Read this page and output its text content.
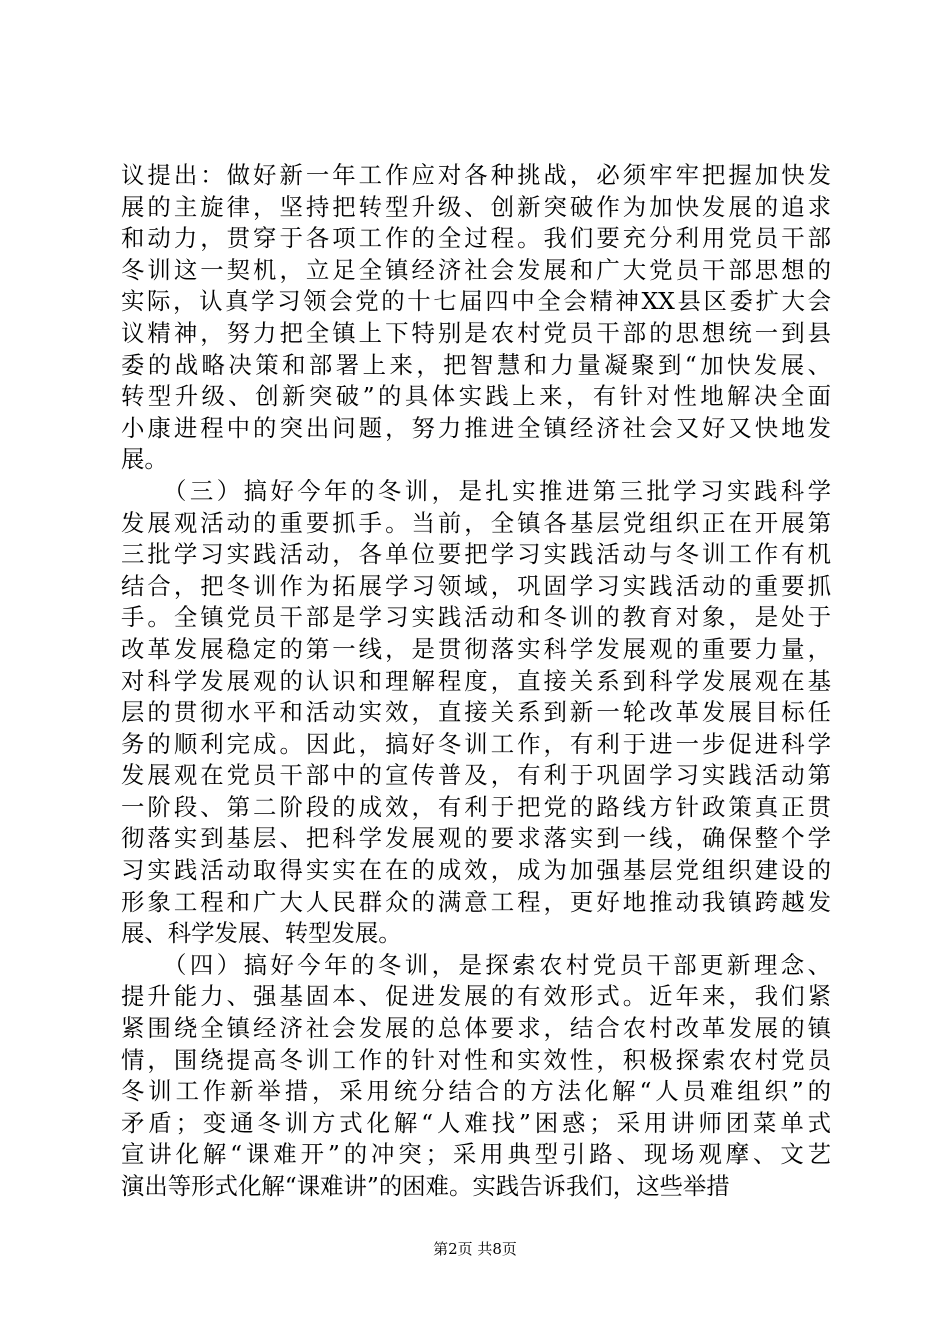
议提出：做好新一年工作应对各种挑战，必须牢牢把握加快发
展的主旋律，坚持把转型升级、创新突破作为加快发展的追求
和动力，贯穿于各项工作的全过程。我们要充分利用党员干部
冬训这一契机，立足全镇经济社会发展和广大党员干部思想的
实际，认真学习领会党的十七届四中全会精神XX县区委扩大会
议精神，努力把全镇上下特别是农村党员干部的思想统一到县
委的战略决策和部署上来，把智慧和力量凝聚到“加快发展、
转型升级、创新突破”的具体实践上来，有针对性地解决全面
小康进程中的突出问题，努力推进全镇经济社会又好又快地发
展。
　　（三）搞好今年的冬训，是扎实推进第三批学习实践科学
发展观活动的重要抓手。当前，全镇各基层党组织正在开展第
三批学习实践活动，各单位要把学习实践活动与冬训工作有机
结合，把冬训作为拓展学习领域，巩固学习实践活动的重要抓
手。全镇党员干部是学习实践活动和冬训的教育对象，是处于
改革发展稳定的第一线，是贯彻落实科学发展观的重要力量，
对科学发展观的认识和理解程度，直接关系到科学发展观在基
层的贯彻水平和活动实效，直接关系到新一轮改革发展目标任
务的顺利完成。因此，搞好冬训工作，有利于进一步促进科学
发展观在党员干部中的宣传普及，有利于巩固学习实践活动第
一阶段、第二阶段的成效，有利于把党的路线方针政策真正贯
彻落实到基层、把科学发展观的要求落实到一线，确保整个学
习实践活动取得实实在在的成效，成为加强基层党组织建设的
形象工程和广大人民群众的满意工程，更好地推动我镇跨越发
展、科学发展、转型发展。
　　（四）搞好今年的冬训，是探索农村党员干部更新理念、
提升能力、强基固本、促进发展的有效形式。近年来，我们紧
紧围绕全镇经济社会发展的总体要求，结合农村改革发展的镇
情，围绕提高冬训工作的针对性和实效性，积极探索农村党员
冬训工作新举措，采用统分结合的方法化解“人员难组织”的
矛盾；变通冬训方式化解“人难找”困惑；采用讲师团菜单式
宣讲化解“课难开”的冲突；采用典型引路、现场观摩、文艺
演出等形式化解“课难讲”的困难。实践告诉我们，这些举措
第2页 共8页
